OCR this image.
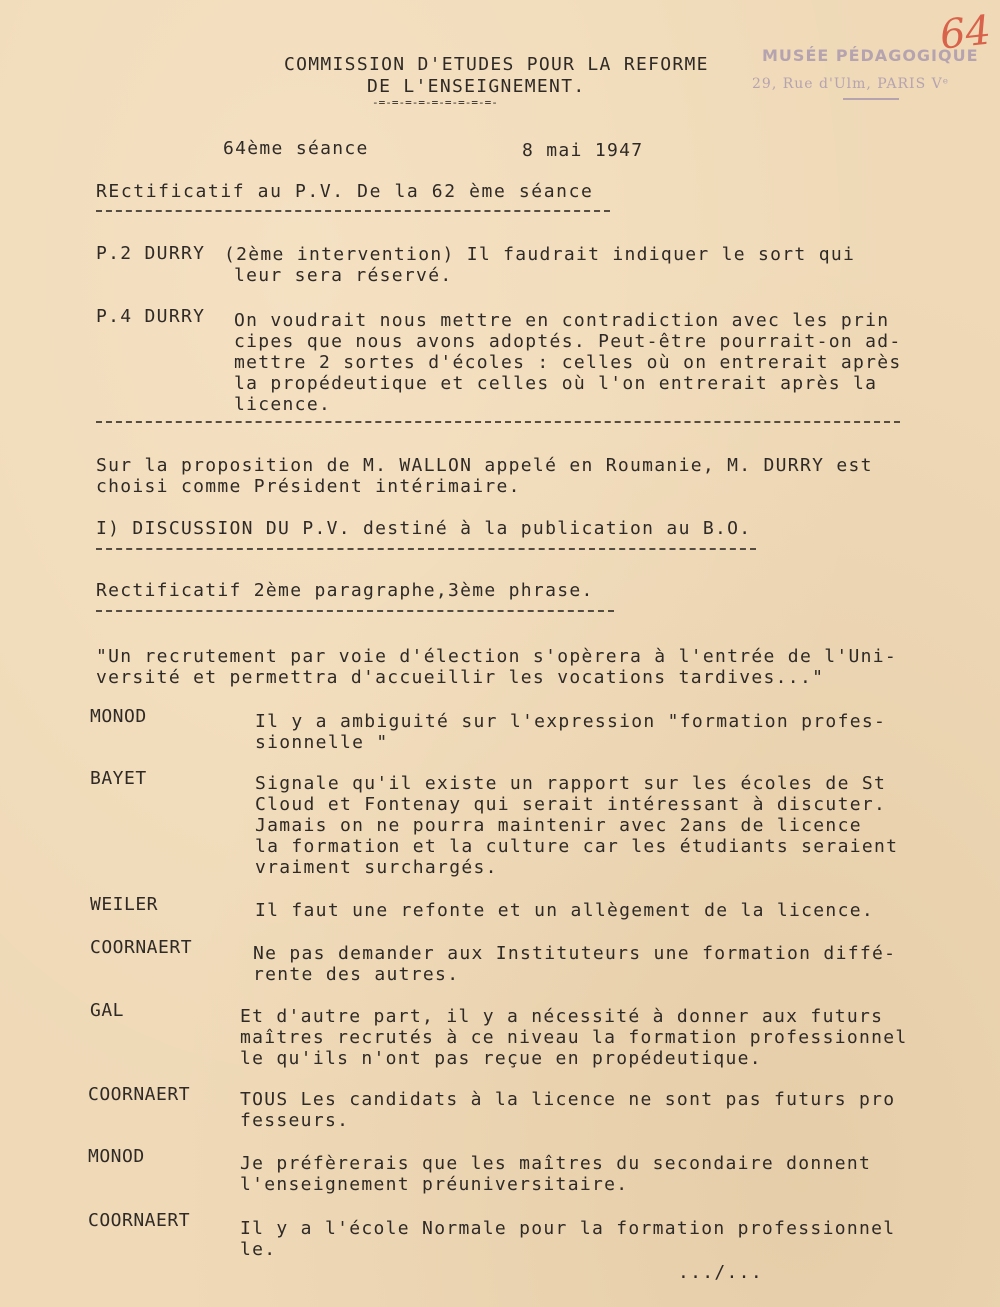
COMMISSION D'ETUDES POUR LA REFORME
DE L'ENSEIGNEMENT.
-=-=-=-=-=-=-=-=-=-
MUSÉE PÉDAGOGIQUE
29, Rue d'Ulm, PARIS Vᵉ
64
64ème séance	8 mai 1947
REctificatif au P.V. De la 62 ème séance
P.2 DURRY (2ème intervention) Il faudrait indiquer le sort qui
leur sera réservé.
P.4 DURRY On voudrait nous mettre en contradiction avec les prin
cipes que nous avons adoptés. Peut-être pourrait-on ad-
mettre 2 sortes d'écoles : celles où on entrerait après
la propédeutique et celles où l'on entrerait après la
licence.
Sur la proposition de M. WALLON appelé en Roumanie, M. DURRY est
choisi comme Président intérimaire.
I) DISCUSSION DU P.V. destiné à la publication au B.O.
Rectificatif 2ème paragraphe,3ème phrase.
"Un recrutement par voie d'élection s'opèrera à l'entrée de l'Uni-
versité et permettra d'accueillir les vocations tardives..."
MONOD	Il y a ambiguité sur l'expression "formation profes-
sionnelle "
BAYET	Signale qu'il existe un rapport sur les écoles de St
Cloud et Fontenay qui serait intéressant à discuter.
Jamais on ne pourra maintenir avec 2ans de licence
la formation et la culture car les étudiants seraient
vraiment surchargés.
WEILER	Il faut une refonte et un allègement de la licence.
COORNAERT	Ne pas demander aux Instituteurs une formation diffé-
rente des autres.
GAL	Et d'autre part, il y a nécessité à donner aux futurs
maîtres recrutés à ce niveau la formation professionnel
le qu'ils n'ont pas reçue en propédeutique.
COORNAERT	TOUS Les candidats à la licence ne sont pas futurs pro
fesseurs.
MONOD	Je préfèrerais que les maîtres du secondaire donnent
l'enseignement préuniversitaire.
COORNAERT	Il y a l'école Normale pour la formation professionnel
le.
.../...
